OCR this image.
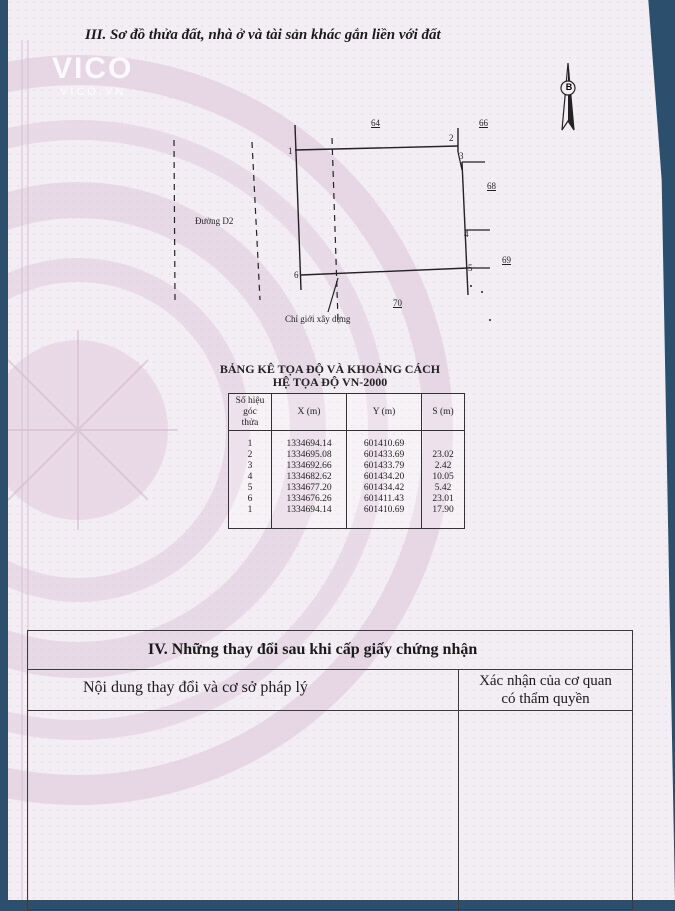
VICO
VICO.VN
III. Sơ đồ thửa đất, nhà ở và tài sản khác gắn liền với đất
B
Đường D2
Chỉ giới xây dựng
64	66
68
69
70
1
2
3
4
5
6
BẢNG KÊ TỌA ĐỘ VÀ KHOẢNG CÁCH
HỆ TỌA ĐỘ VN-2000
Số hiệu góc thửa	X (m)	Y (m)	S (m)
1	1334694.14	601410.69	
2	1334695.08	601433.69	23.02
3	1334692.66	601433.79	2.42
4	1334682.62	601434.20	10.05
5	1334677.20	601434.42	5.42
6	1334676.26	601411.43	23.01
1	1334694.14	601410.69	17.90
IV. Những thay đổi sau khi cấp giấy chứng nhận
Nội dung thay đổi và cơ sở pháp lý	Xác nhận của cơ quan
có thẩm quyền
